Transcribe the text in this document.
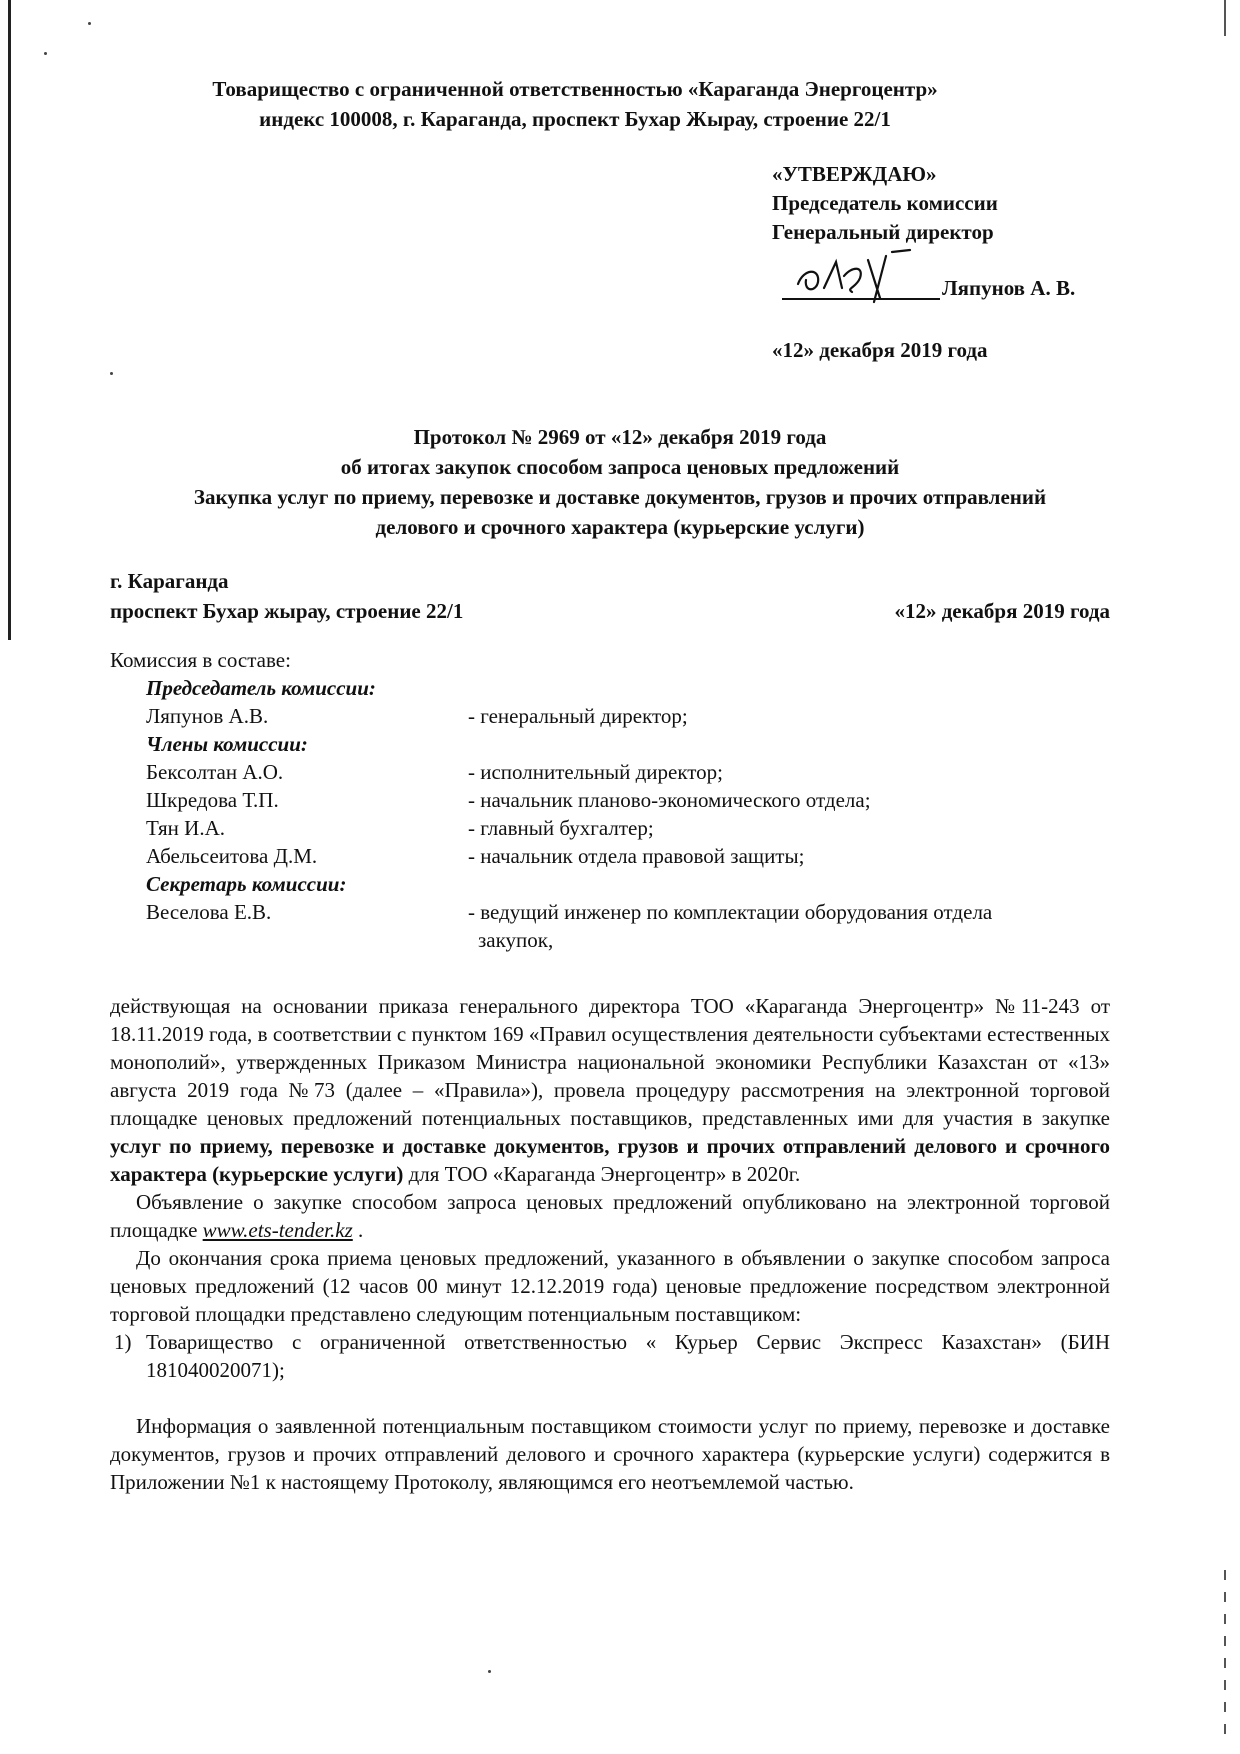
Товарищество с ограниченной ответственностью «Караганда Энергоцентр»
индекс 100008, г. Караганда, проспект Бухар Жырау, строение 22/1
«УТВЕРЖДАЮ»
Председатель комиссии
Генеральный директор
Ляпунов А. В.
«12» декабря 2019 года
Протокол № 2969 от «12» декабря 2019 года
об итогах закупок способом запроса ценовых предложений
Закупка услуг по приему, перевозке и доставке документов, грузов и прочих отправлений
делового и срочного характера (курьерские услуги)
г. Караганда
проспект Бухар жырау, строение 22/1	«12» декабря 2019 года
Комиссия в составе:
Председатель комиссии:
Ляпунов А.В.	- генеральный директор;
Члены комиссии:
Бексолтан А.О.	- исполнительный директор;
Шкредова Т.П.	- начальник планово-экономического отдела;
Тян И.А.	- главный бухгалтер;
Абельсеитова Д.М.	- начальник отдела правовой защиты;
Секретарь комиссии:
Веселова Е.В.	- ведущий инженер по комплектации оборудования отдела
закупок,

действующая на основании приказа генерального директора ТОО «Караганда Энергоцентр» №11-243 от 18.11.2019 года, в соответствии с пунктом 169 «Правил осуществления деятельности субъектами естественных монополий», утвержденных Приказом Министра национальной экономики Республики Казахстан от «13» августа 2019 года №73 (далее – «Правила»), провела процедуру рассмотрения на электронной торговой площадке ценовых предложений потенциальных поставщиков, представленных ими для участия в закупке услуг по приему, перевозке и доставке документов, грузов и прочих отправлений делового и срочного характера (курьерские услуги) для ТОО «Караганда Энергоцентр» в 2020г.

Объявление о закупке способом запроса ценовых предложений опубликовано на электронной торговой площадке www.ets-tender.kz .

До окончания срока приема ценовых предложений, указанного в объявлении о закупке способом запроса ценовых предложений (12 часов 00 минут 12.12.2019 года) ценовые предложение посредством электронной торговой площадки представлено следующим потенциальным поставщиком:

1) Товарищество с ограниченной ответственностью « Курьер Сервис Экспресс Казахстан» (БИН 181040020071);

Информация о заявленной потенциальным поставщиком стоимости услуг по приему, перевозке и доставке документов, грузов и прочих отправлений делового и срочного характера (курьерские услуги) содержится в Приложении №1 к настоящему Протоколу, являющимся его неотъемлемой частью.
